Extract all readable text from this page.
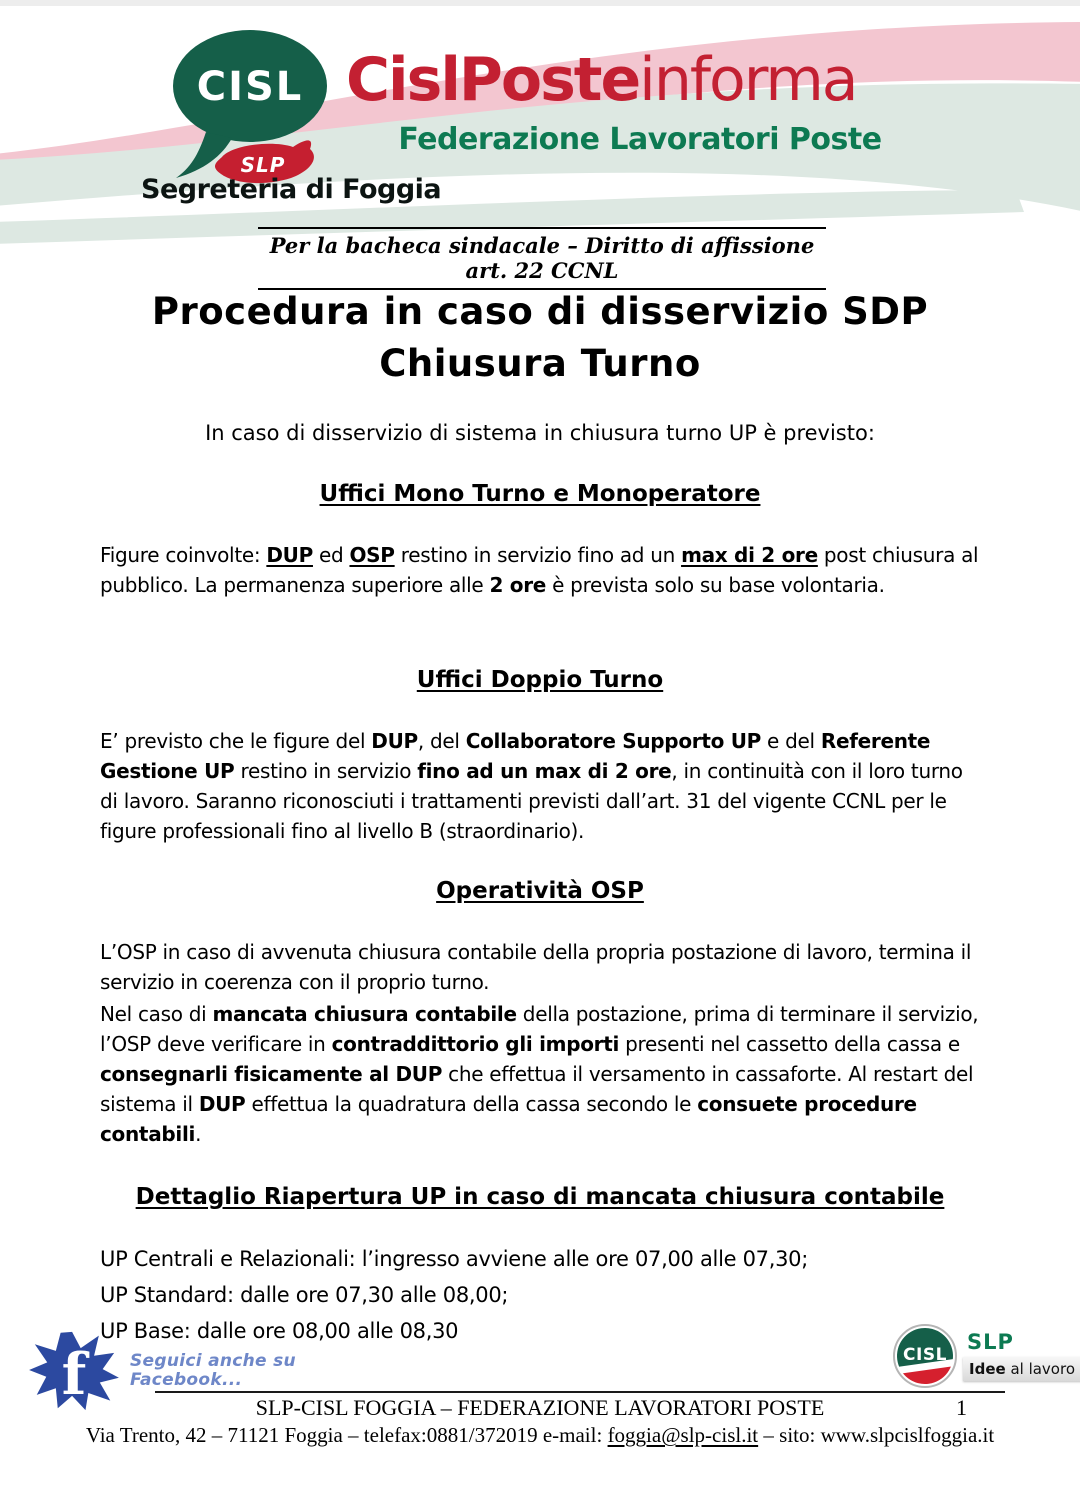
CISL
SLP
CislPosteinforma
Federazione Lavoratori Poste
Segreteria di Foggia
Per la bacheca sindacale – Diritto di affissione art. 22 CCNL
Procedura in caso di disservizio SDP
Chiusura Turno
In caso di disservizio di sistema in chiusura turno UP è previsto:
Uffici Mono Turno e Monoperatore
Figure coinvolte: DUP ed OSP restino in servizio fino ad un max di 2 ore post chiusura al pubblico. La permanenza superiore alle 2 ore è prevista solo su base volontaria.
Uffici Doppio Turno
E’ previsto che le figure del DUP, del Collaboratore Supporto UP e del Referente Gestione UP restino in servizio fino ad un max di 2 ore, in continuità con il loro turno di lavoro. Saranno riconosciuti i trattamenti previsti dall’art. 31 del vigente CCNL per le figure professionali fino al livello B (straordinario).
Operatività OSP
L’OSP in caso di avvenuta chiusura contabile della propria postazione di lavoro, termina il servizio in coerenza con il proprio turno.
Nel caso di mancata chiusura contabile della postazione, prima di terminare il servizio, l’OSP deve verificare in contraddittorio gli importi presenti nel cassetto della cassa e consegnarli fisicamente al DUP che effettua il versamento in cassaforte. Al restart del sistema il DUP effettua la quadratura della cassa secondo le consuete procedure contabili.
Dettaglio Riapertura UP in caso di mancata chiusura contabile
UP Centrali e Relazionali: l’ingresso avviene alle ore 07,00 alle 07,30;
UP Standard: dalle ore 07,30 alle 08,00;
UP Base: dalle ore 08,00 alle 08,30
f	Seguici anche su
Facebook...
CISL
SLP
Idee al lavoro
SLP-CISL FOGGIA – FEDERAZIONE LAVORATORI POSTE	1
Via Trento, 42 – 71121 Foggia – telefax:0881/372019 e-mail: foggia@slp-cisl.it – sito: www.slpcislfoggia.it
